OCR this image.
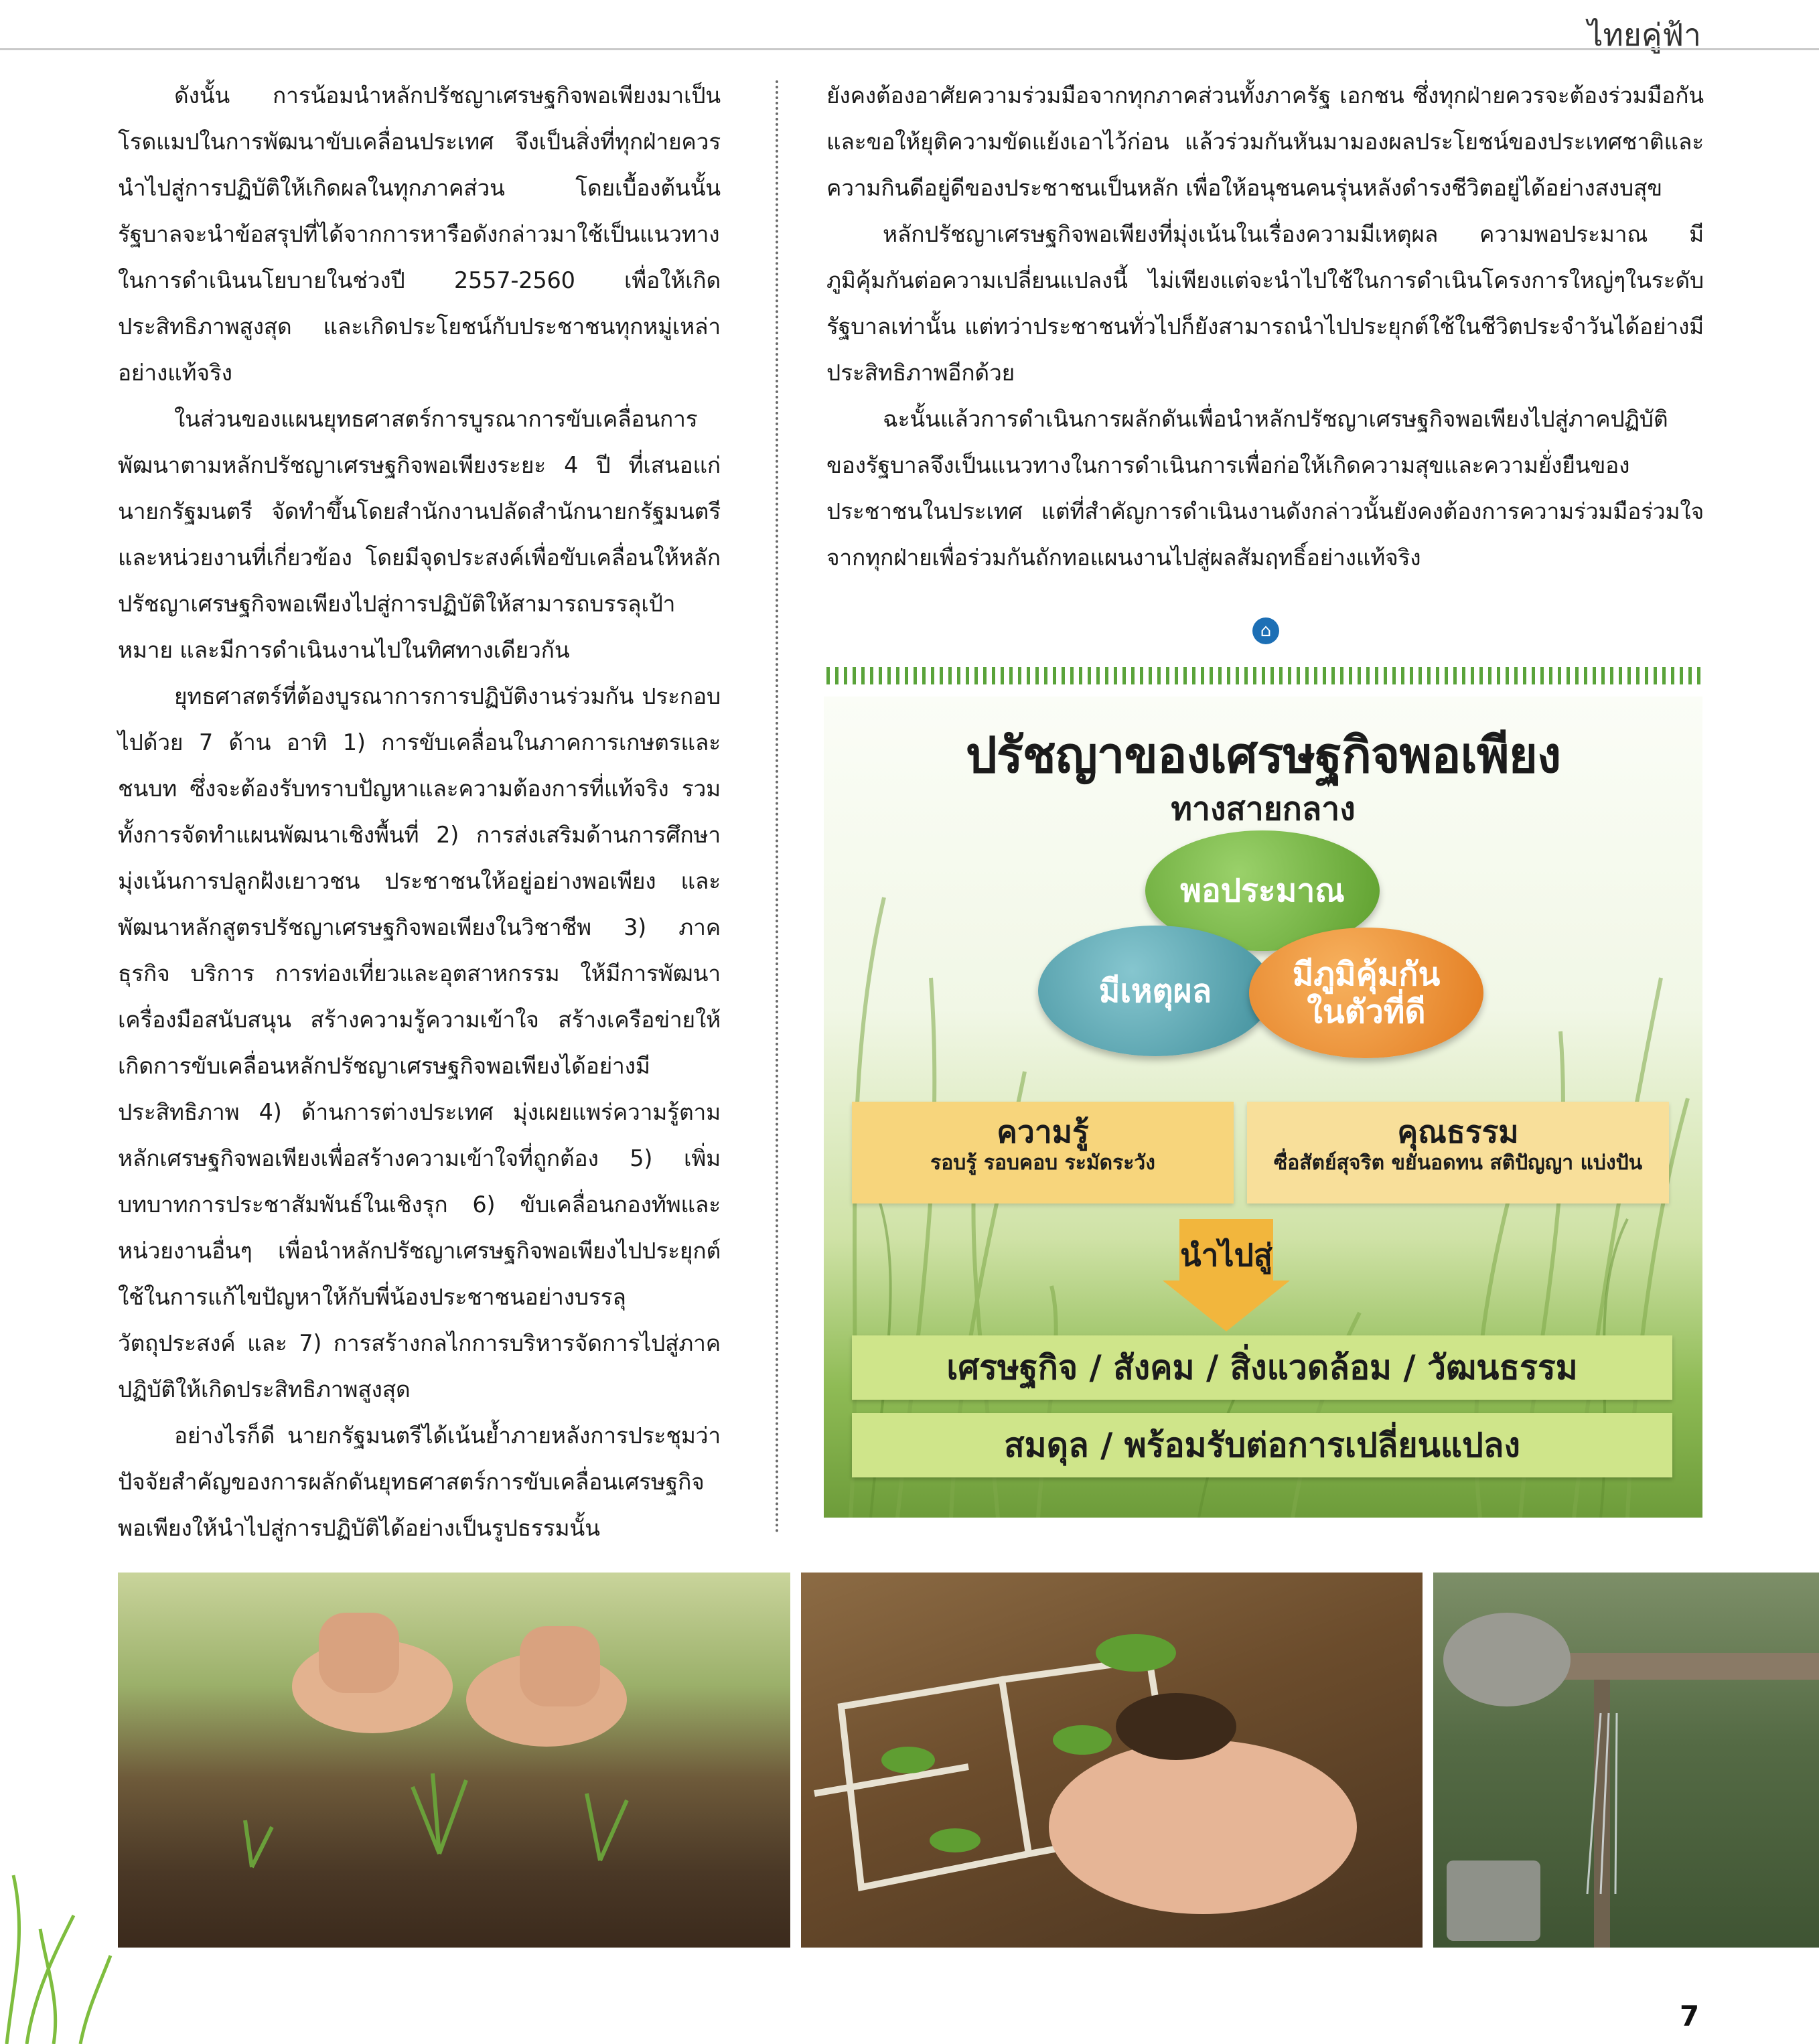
ไทยคู่ฟ้า

ดังนั้น การน้อมนำหลักปรัชญาเศรษฐกิจพอเพียงมาเป็นโรดแมปในการพัฒนาขับเคลื่อนประเทศ จึงเป็นสิ่งที่ทุกฝ่ายควรนำไปสู่การปฏิบัติให้เกิดผลในทุกภาคส่วน โดยเบื้องต้นนั้นรัฐบาลจะนำข้อสรุปที่ได้จากการหารือดังกล่าวมาใช้เป็นแนวทางในการดำเนินนโยบายในช่วงปี 2557-2560 เพื่อให้เกิดประสิทธิภาพสูงสุด และเกิดประโยชน์กับประชาชนทุกหมู่เหล่าอย่างแท้จริง

ในส่วนของแผนยุทธศาสตร์การบูรณาการขับเคลื่อนการพัฒนาตามหลักปรัชญาเศรษฐกิจพอเพียงระยะ 4 ปี ที่เสนอแก่นายกรัฐมนตรี จัดทำขึ้นโดยสำนักงานปลัดสำนักนายกรัฐมนตรีและหน่วยงานที่เกี่ยวข้อง โดยมีจุดประสงค์เพื่อขับเคลื่อนให้หลักปรัชญาเศรษฐกิจพอเพียงไปสู่การปฏิบัติให้สามารถบรรลุเป้าหมาย และมีการดำเนินงานไปในทิศทางเดียวกัน

ยุทธศาสตร์ที่ต้องบูรณาการการปฏิบัติงานร่วมกัน ประกอบไปด้วย 7 ด้าน อาทิ 1) การขับเคลื่อนในภาคการเกษตรและชนบท ซึ่งจะต้องรับทราบปัญหาและความต้องการที่แท้จริง รวมทั้งการจัดทำแผนพัฒนาเชิงพื้นที่ 2) การส่งเสริมด้านการศึกษา มุ่งเน้นการปลูกฝังเยาวชน ประชาชนให้อยู่อย่างพอเพียง และพัฒนาหลักสูตรปรัชญาเศรษฐกิจพอเพียงในวิชาชีพ 3) ภาคธุรกิจ บริการ การท่องเที่ยวและอุตสาหกรรม ให้มีการพัฒนาเครื่องมือสนับสนุน สร้างความรู้ความเข้าใจ สร้างเครือข่ายให้เกิดการขับเคลื่อนหลักปรัชญาเศรษฐกิจพอเพียงได้อย่างมีประสิทธิภาพ 4) ด้านการต่างประเทศ มุ่งเผยแพร่ความรู้ตามหลักเศรษฐกิจพอเพียงเพื่อสร้างความเข้าใจที่ถูกต้อง 5) เพิ่มบทบาทการประชาสัมพันธ์ในเชิงรุก 6) ขับเคลื่อนกองทัพและหน่วยงานอื่นๆ เพื่อนำหลักปรัชญาเศรษฐกิจพอเพียงไปประยุกต์ใช้ในการแก้ไขปัญหาให้กับพี่น้องประชาชนอย่างบรรลุวัตถุประสงค์ และ 7) การสร้างกลไกการบริหารจัดการไปสู่ภาคปฏิบัติให้เกิดประสิทธิภาพสูงสุด

อย่างไรก็ดี นายกรัฐมนตรีได้เน้นย้ำภายหลังการประชุมว่าปัจจัยสำคัญของการผลักดันยุทธศาสตร์การขับเคลื่อนเศรษฐกิจพอเพียงให้นำไปสู่การปฏิบัติได้อย่างเป็นรูปธรรมนั้น

ยังคงต้องอาศัยความร่วมมือจากทุกภาคส่วนทั้งภาครัฐ เอกชน ซึ่งทุกฝ่ายควรจะต้องร่วมมือกัน และขอให้ยุติความขัดแย้งเอาไว้ก่อน แล้วร่วมกันหันมามองผลประโยชน์ของประเทศชาติและความกินดีอยู่ดีของประชาชนเป็นหลัก เพื่อให้อนุชนคนรุ่นหลังดำรงชีวิตอยู่ได้อย่างสงบสุข

หลักปรัชญาเศรษฐกิจพอเพียงที่มุ่งเน้นในเรื่องความมีเหตุผล ความพอประมาณ มีภูมิคุ้มกันต่อความเปลี่ยนแปลงนี้ ไม่เพียงแต่จะนำไปใช้ในการดำเนินโครงการใหญ่ๆในระดับรัฐบาลเท่านั้น แต่ทว่าประชาชนทั่วไปก็ยังสามารถนำไปประยุกต์ใช้ในชีวิตประจำวันได้อย่างมีประสิทธิภาพอีกด้วย

ฉะนั้นแล้วการดำเนินการผลักดันเพื่อนำหลักปรัชญาเศรษฐกิจพอเพียงไปสู่ภาคปฏิบัติของรัฐบาลจึงเป็นแนวทางในการดำเนินการเพื่อก่อให้เกิดความสุขและความยั่งยืนของประชาชนในประเทศ แต่ที่สำคัญการดำเนินงานดังกล่าวนั้นยังคงต้องการความร่วมมือร่วมใจจากทุกฝ่ายเพื่อร่วมกันถักทอแผนงานไปสู่ผลสัมฤทธิ์อย่างแท้จริง

⌂
ปรัชญาของเศรษฐกิจพอเพียง
ทางสายกลาง
พอประมาณ
มีเหตุผล	มีภูมิคุ้มกัน
ในตัวที่ดี
ความรู้
รอบรู้ รอบคอบ ระมัดระวัง
คุณธรรม
ซื่อสัตย์สุจริต ขยันอดทน สติปัญญา แบ่งปัน
นำไปสู่
เศรษฐกิจ / สังคม / สิ่งแวดล้อม / วัฒนธรรม
สมดุล / พร้อมรับต่อการเปลี่ยนแปลง
7
